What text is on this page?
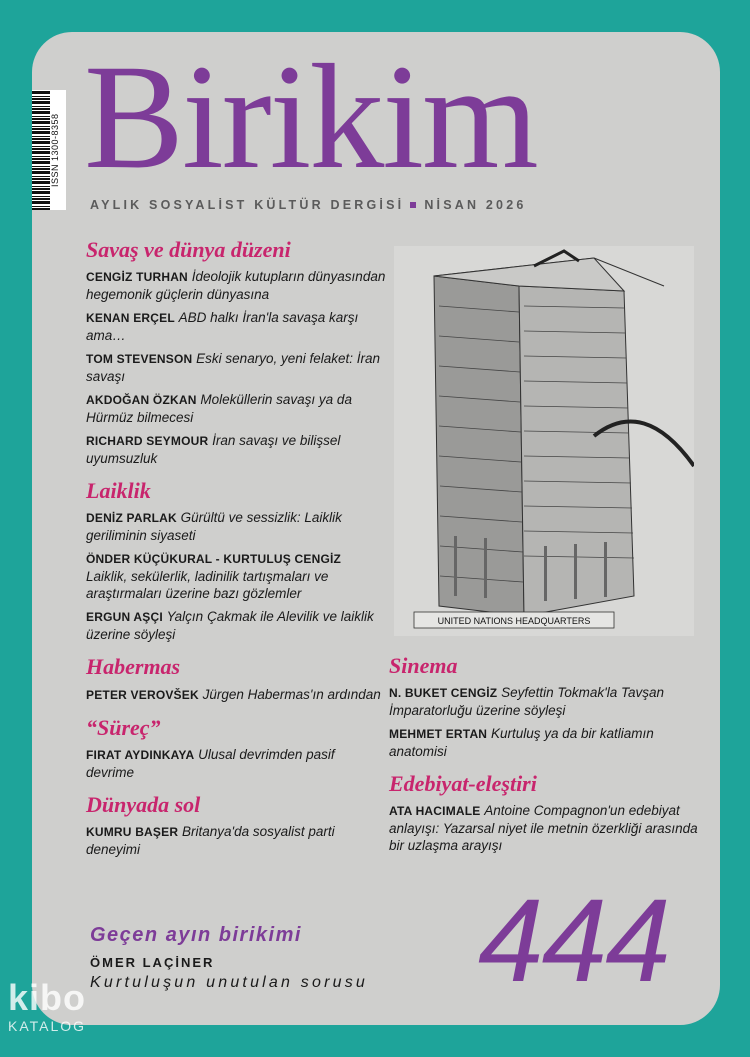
ISSN 1300-8358 Birikim
AYLIK SOSYALİST KÜLTÜR DERGİSİ NİSAN 2026
Savaş ve dünya düzeni
CENGİZ TURHAN İdeolojik kutupların dünyasından hegemonik güçlerin dünyasına
KENAN ERÇEL ABD halkı İran'la savaşa karşı ama…
TOM STEVENSON Eski senaryo, yeni felaket: İran savaşı
AKDOĞAN ÖZKAN Moleküllerin savaşı ya da Hürmüz bilmecesi
RICHARD SEYMOUR İran savaşı ve bilişsel uyumsuzluk
Laiklik
DENİZ PARLAK Gürültü ve sessizlik: Laiklik geriliminin siyaseti
ÖNDER KÜÇÜKURAL - KURTULUŞ CENGİZ Laiklik, sekülerlik, ladinilik tartışmaları ve araştırmaları üzerine bazı gözlemler
ERGUN AŞÇI Yalçın Çakmak ile Alevilik ve laiklik üzerine söyleşi
Habermas
PETER VEROVŠEK Jürgen Habermas'ın ardından
“Süreç”
FIRAT AYDINKAYA Ulusal devrimden pasif devrime
Dünyada sol
KUMRU BAŞER Britanya'da sosyalist parti deneyimi
UNITED NATIONS HEADQUARTERS
Sinema
N. BUKET CENGİZ Seyfettin Tokmak'la Tavşan İmparatorluğu üzerine söyleşi
MEHMET ERTAN Kurtuluş ya da bir katliamın anatomisi
Edebiyat-eleştiri
ATA HACIMALE Antoine Compagnon'un edebiyat anlayışı: Yazarsal niyet ile metnin özerkliği arasında bir uzlaşma arayışı
Geçen ayın birikimi
ÖMER LAÇİNER
Kurtuluşun unutulan sorusu 444
kibo
KATALOG
